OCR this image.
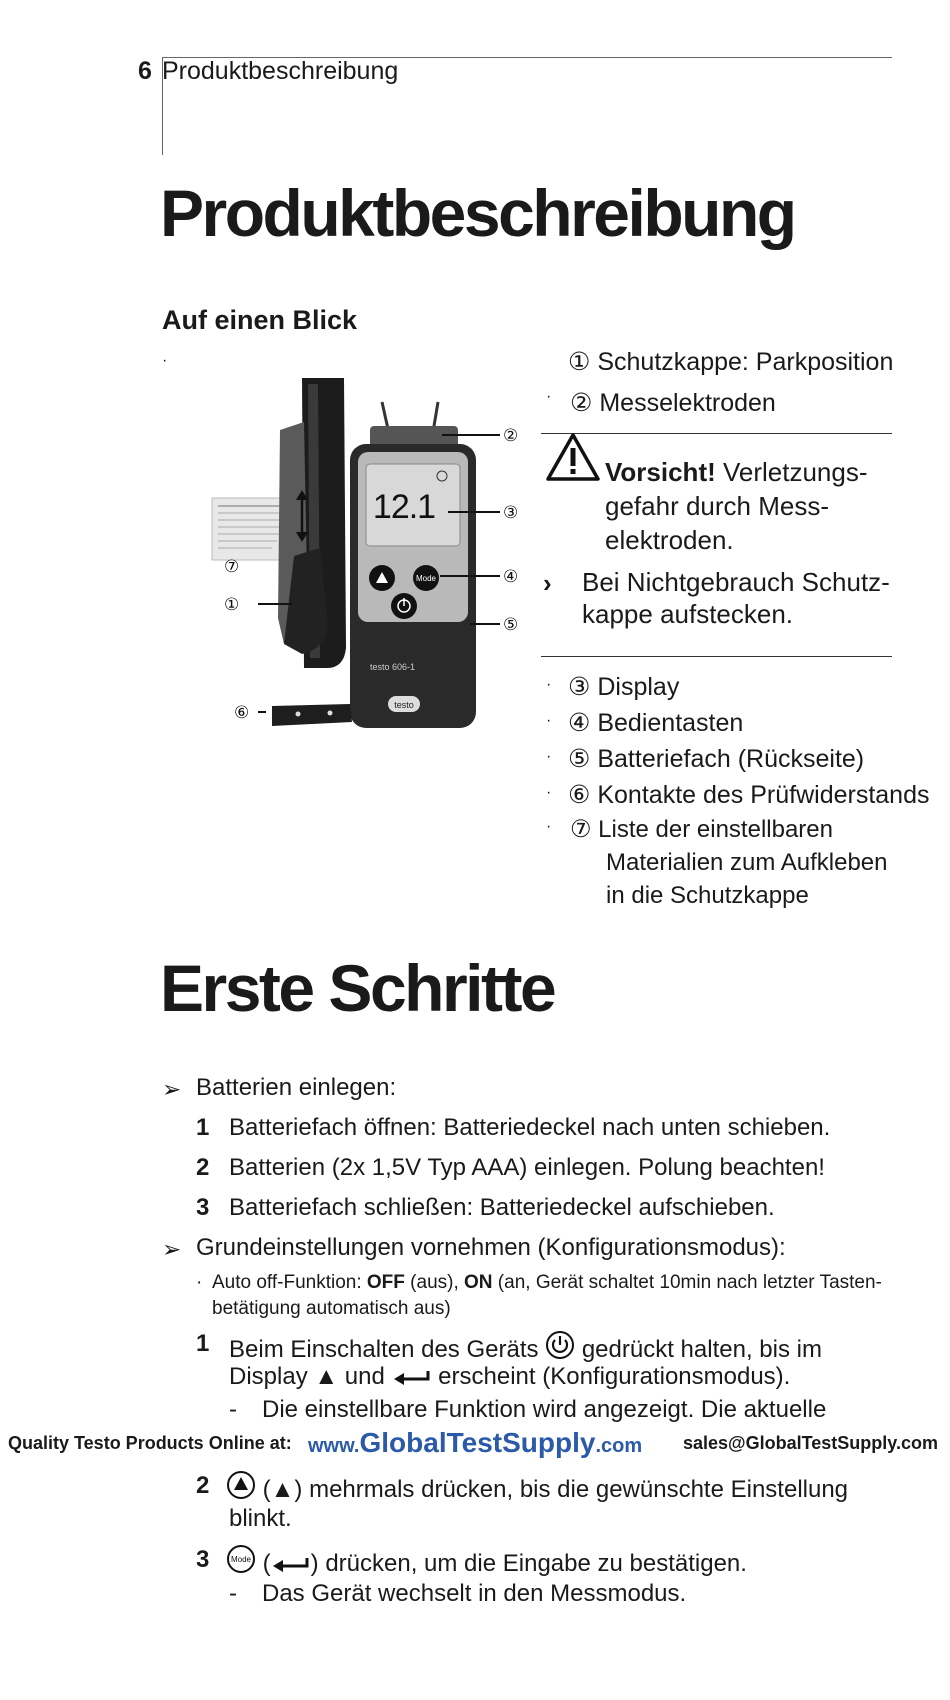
6 Produktbeschreibung
Produktbeschreibung
Auf einen Blick
·
12.1
Mode
testo 606-1
testo
②
③
④
⑤
⑦
①
⑥
① Schutzkappe: Parkposition
· ② Messelektroden
Vorsicht! Verletzungs-
gefahr durch Mess-
elektroden.
› Bei Nichtgebrauch Schutz-
kappe aufstecken.
· ③ Display
· ④ Bedientasten
· ⑤ Batteriefach (Rückseite)
· ⑥ Kontakte des Prüfwiderstands
· ⑦ Liste der einstellbaren
Materialien zum Aufkleben
in die Schutzkappe
Erste Schritte
➢ Batterien einlegen:
1 Batteriefach öffnen: Batteriedeckel nach unten schieben.
2 Batterien (2x 1,5V Typ AAA) einlegen. Polung beachten!
3 Batteriefach schließen: Batteriedeckel aufschieben.
➢ Grundeinstellungen vornehmen (Konfigurationsmodus):
· Auto off-Funktion: OFF (aus), ON (an, Gerät schaltet 10min nach letzter Tasten-
betätigung automatisch aus)
1 Beim Einschalten des Geräts gedrückt halten, bis im
Display ▲ und erscheint (Konfigurationsmodus).
- Die einstellbare Funktion wird angezeigt. Die aktuelle
Quality Testo Products Online at: www.GlobalTestSupply.com sales@GlobalTestSupply.com
2	(▲) mehrmals drücken, bis die gewünschte Einstellung
blinkt.
3	Mode ( ) drücken, um die Eingabe zu bestätigen.
- Das Gerät wechselt in den Messmodus.
